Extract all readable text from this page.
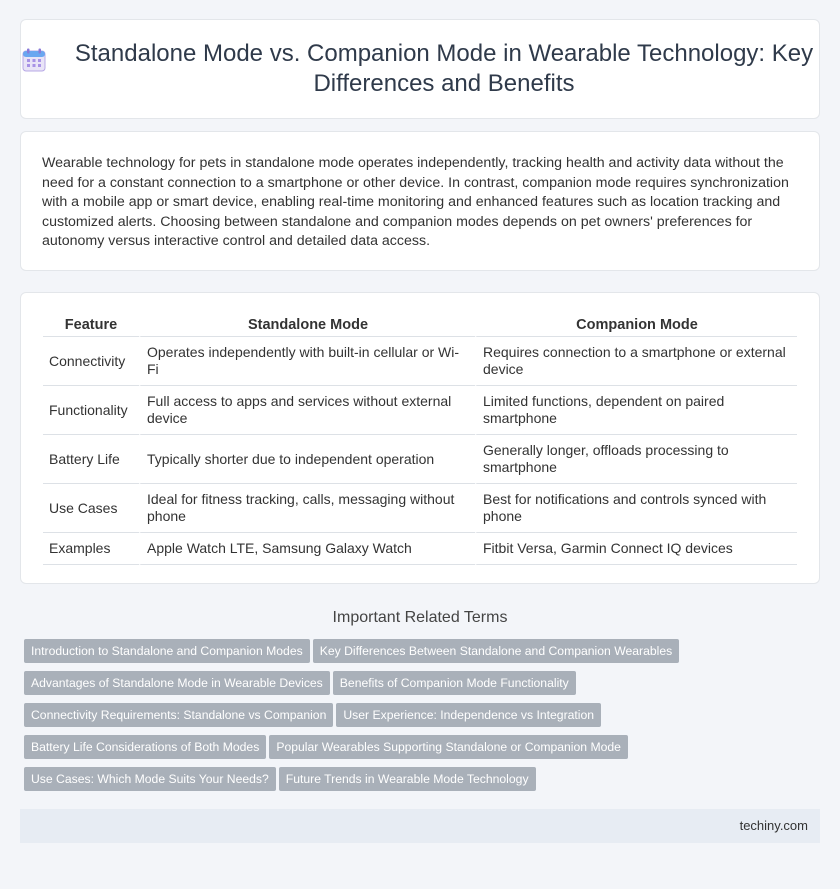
Standalone Mode vs. Companion Mode in Wearable Technology: Key Differences and Benefits
Wearable technology for pets in standalone mode operates independently, tracking health and activity data without the need for a constant connection to a smartphone or other device. In contrast, companion mode requires synchronization with a mobile app or smart device, enabling real-time monitoring and enhanced features such as location tracking and customized alerts. Choosing between standalone and companion modes depends on pet owners' preferences for autonomy versus interactive control and detailed data access.
Feature	Standalone Mode	Companion Mode
Connectivity	Operates independently with built-in cellular or Wi-Fi	Requires connection to a smartphone or external device
Functionality	Full access to apps and services without external device	Limited functions, dependent on paired smartphone
Battery Life	Typically shorter due to independent operation	Generally longer, offloads processing to smartphone
Use Cases	Ideal for fitness tracking, calls, messaging without phone	Best for notifications and controls synced with phone
Examples	Apple Watch LTE, Samsung Galaxy Watch	Fitbit Versa, Garmin Connect IQ devices
Important Related Terms
Introduction to Standalone and Companion Modes Key Differences Between Standalone and Companion Wearables
Advantages of Standalone Mode in Wearable Devices Benefits of Companion Mode Functionality
Connectivity Requirements: Standalone vs Companion User Experience: Independence vs Integration
Battery Life Considerations of Both Modes Popular Wearables Supporting Standalone or Companion Mode
Use Cases: Which Mode Suits Your Needs? Future Trends in Wearable Mode Technology
techiny.com
